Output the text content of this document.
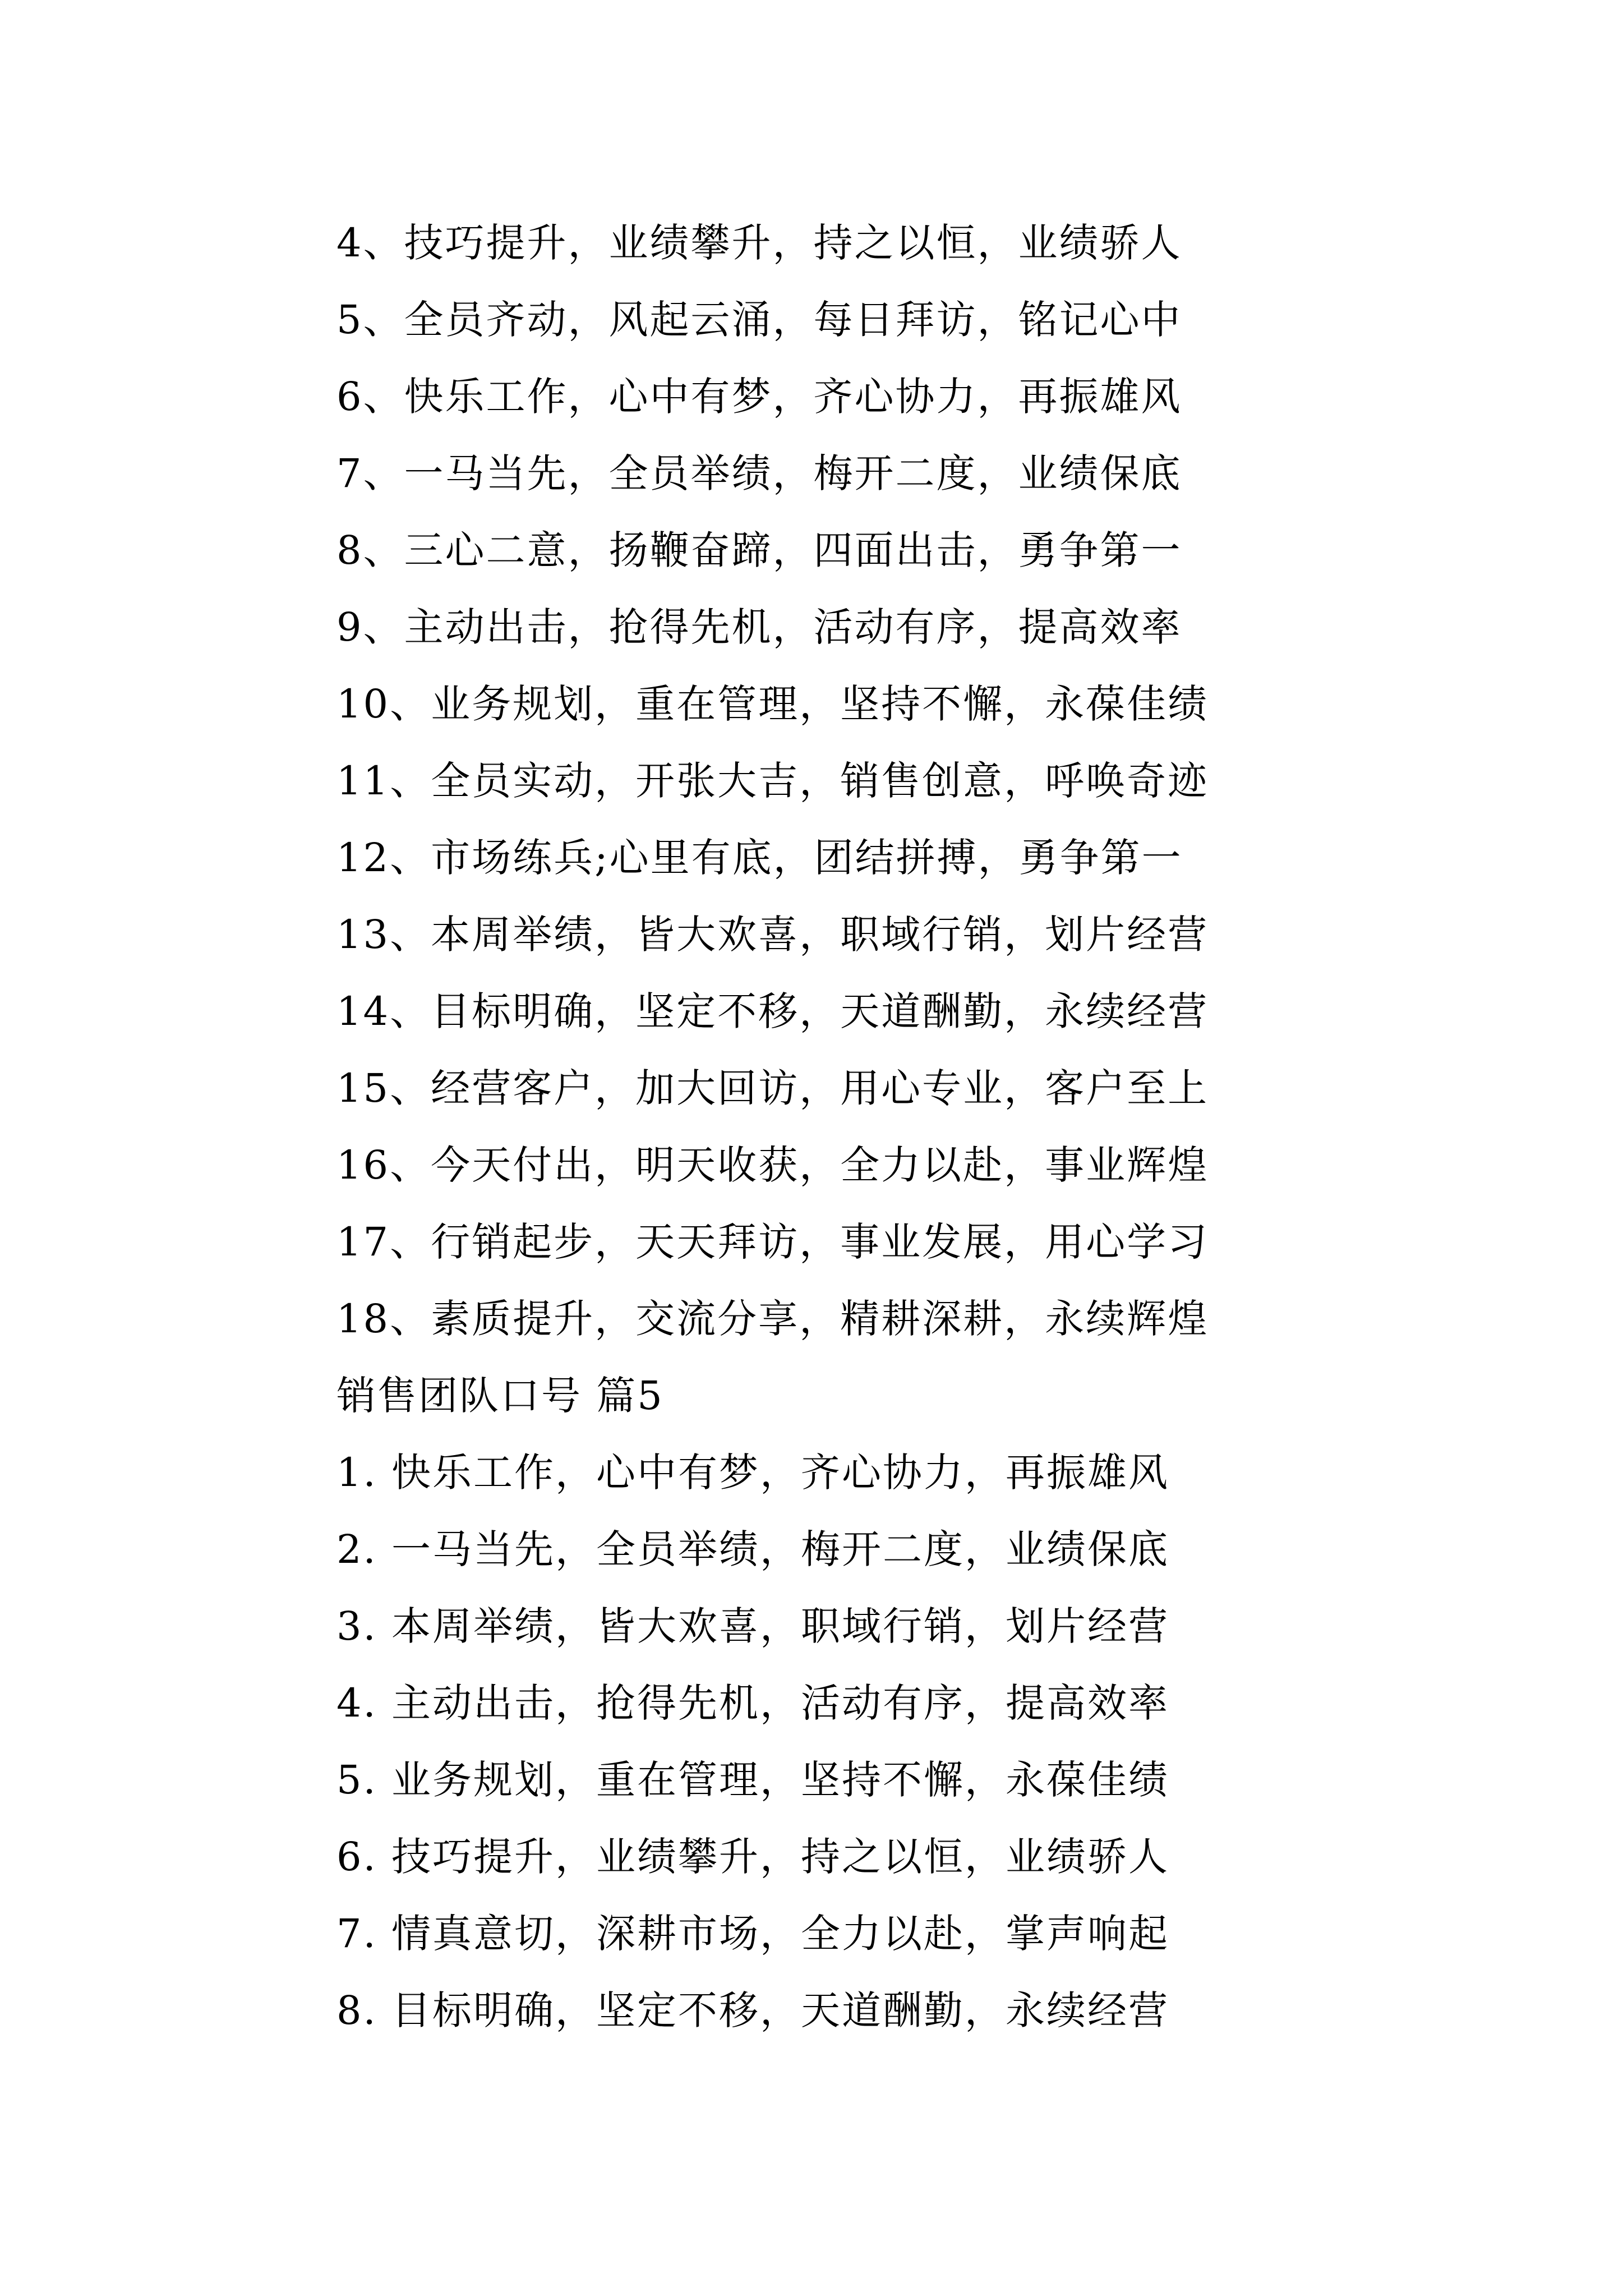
4、技巧提升，业绩攀升，持之以恒，业绩骄人
5、全员齐动，风起云涌，每日拜访，铭记心中
6、快乐工作，心中有梦，齐心协力，再振雄风
7、一马当先，全员举绩，梅开二度，业绩保底
8、三心二意，扬鞭奋蹄，四面出击，勇争第一
9、主动出击，抢得先机，活动有序，提高效率
10、业务规划，重在管理，坚持不懈，永葆佳绩
11、全员实动，开张大吉，销售创意，呼唤奇迹
12、市场练兵;心里有底，团结拼搏，勇争第一
13、本周举绩，皆大欢喜，职域行销，划片经营
14、目标明确，坚定不移，天道酬勤，永续经营
15、经营客户，加大回访，用心专业，客户至上
16、今天付出，明天收获，全力以赴，事业辉煌
17、行销起步，天天拜访，事业发展，用心学习
18、素质提升，交流分享，精耕深耕，永续辉煌
销售团队口号 篇5
1. 快乐工作，心中有梦，齐心协力，再振雄风
2. 一马当先，全员举绩，梅开二度，业绩保底
3. 本周举绩，皆大欢喜，职域行销，划片经营
4. 主动出击，抢得先机，活动有序，提高效率
5. 业务规划，重在管理，坚持不懈，永葆佳绩
6. 技巧提升，业绩攀升，持之以恒，业绩骄人
7. 情真意切，深耕市场，全力以赴，掌声响起
8. 目标明确，坚定不移，天道酬勤，永续经营
